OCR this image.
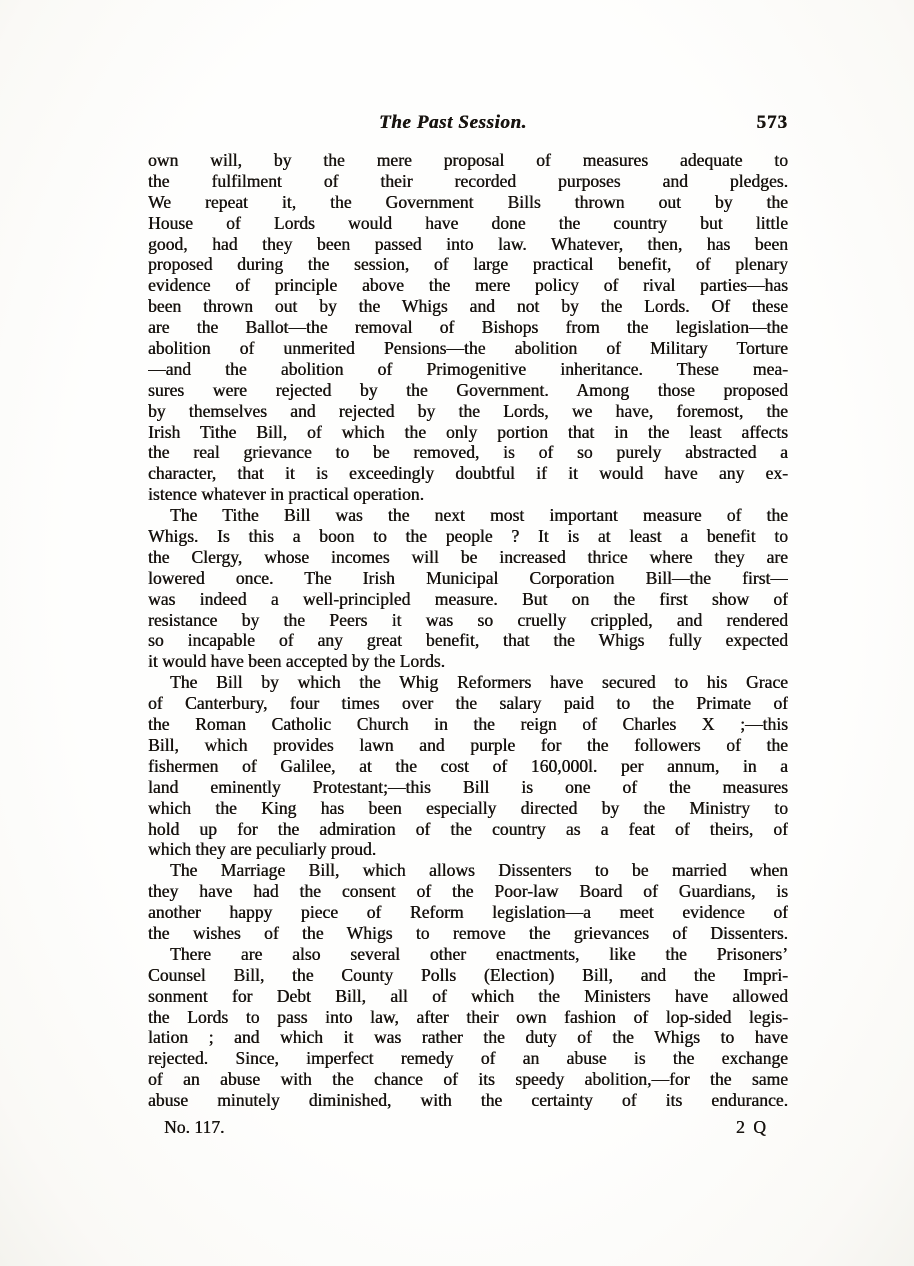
The Past Session.	573
own will, by the mere proposal of measures adequate to
the fulfilment of their recorded purposes and pledges.
We repeat it, the Government Bills thrown out by the
House of Lords would have done the country but little
good, had they been passed into law. Whatever, then, has been
proposed during the session, of large practical benefit, of plenary
evidence of principle above the mere policy of rival parties—has
been thrown out by the Whigs and not by the Lords. Of these
are the Ballot—the removal of Bishops from the legislation—the
abolition of unmerited Pensions—the abolition of Military Torture
—and the abolition of Primogenitive inheritance. These mea-
sures were rejected by the Government. Among those proposed
by themselves and rejected by the Lords, we have, foremost, the
Irish Tithe Bill, of which the only portion that in the least affects
the real grievance to be removed, is of so purely abstracted a
character, that it is exceedingly doubtful if it would have any ex-
istence whatever in practical operation.
The Tithe Bill was the next most important measure of the
Whigs. Is this a boon to the people ? It is at least a benefit to
the Clergy, whose incomes will be increased thrice where they are
lowered once. The Irish Municipal Corporation Bill—the first—
was indeed a well-principled measure. But on the first show of
resistance by the Peers it was so cruelly crippled, and rendered
so incapable of any great benefit, that the Whigs fully expected
it would have been accepted by the Lords.
The Bill by which the Whig Reformers have secured to his Grace
of Canterbury, four times over the salary paid to the Primate of
the Roman Catholic Church in the reign of Charles X ;—this
Bill, which provides lawn and purple for the followers of the
fishermen of Galilee, at the cost of 160,000l. per annum, in a
land eminently Protestant;—this Bill is one of the measures
which the King has been especially directed by the Ministry to
hold up for the admiration of the country as a feat of theirs, of
which they are peculiarly proud.
The Marriage Bill, which allows Dissenters to be married when
they have had the consent of the Poor-law Board of Guardians, is
another happy piece of Reform legislation—a meet evidence of
the wishes of the Whigs to remove the grievances of Dissenters.
There are also several other enactments, like the Prisoners’
Counsel Bill, the County Polls (Election) Bill, and the Impri-
sonment for Debt Bill, all of which the Ministers have allowed
the Lords to pass into law, after their own fashion of lop-sided legis-
lation ; and which it was rather the duty of the Whigs to have
rejected. Since, imperfect remedy of an abuse is the exchange
of an abuse with the chance of its speedy abolition,—for the same
abuse minutely diminished, with the certainty of its endurance.
No. 117.	2 Q
